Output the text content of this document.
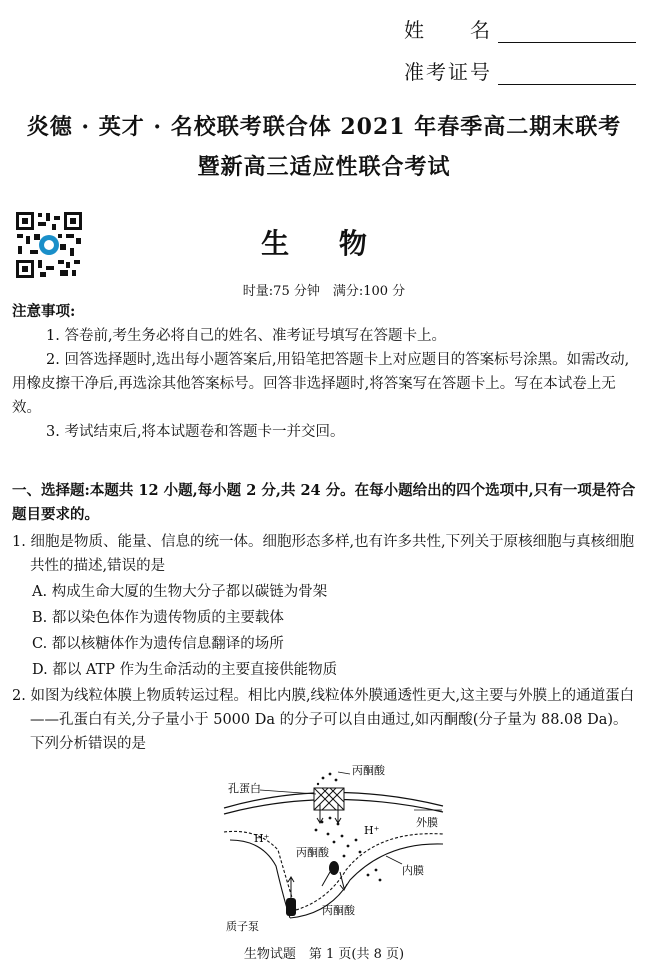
姓　　名
准考证号
炎德 · 英才 · 名校联考联合体 2021 年春季高二期末联考
暨新高三适应性联合考试
生 物
时量:75 分钟　满分:100 分
注意事项:
1. 答卷前,考生务必将自己的姓名、准考证号填写在答题卡上。
2. 回答选择题时,选出每小题答案后,用铅笔把答题卡上对应题目的答案标号涂黑。如需改动,用橡皮擦干净后,再选涂其他答案标号。回答非选择题时,将答案写在答题卡上。写在本试卷上无效。
3. 考试结束后,将本试题卷和答题卡一并交回。
一、选择题:本题共 12 小题,每小题 2 分,共 24 分。在每小题给出的四个选项中,只有一项是符合题目要求的。
1. 细胞是物质、能量、信息的统一体。细胞形态多样,也有许多共性,下列关于原核细胞与真核细胞共性的描述,错误的是
A. 构成生命大厦的生物大分子都以碳链为骨架
B. 都以染色体作为遗传物质的主要载体
C. 都以核糖体作为遗传信息翻译的场所
D. 都以 ATP 作为生命活动的主要直接供能物质
2. 如图为线粒体膜上物质转运过程。相比内膜,线粒体外膜通透性更大,这主要与外膜上的通道蛋白——孔蛋白有关,分子量小于 5000 Da 的分子可以自由通过,如丙酮酸(分子量为 88.08 Da)。下列分析错误的是
孔蛋白
丙酮酸
外膜
H⁺
H⁺
丙酮酸
内膜
质子泵
丙酮酸
生物试题　第 1 页(共 8 页)
